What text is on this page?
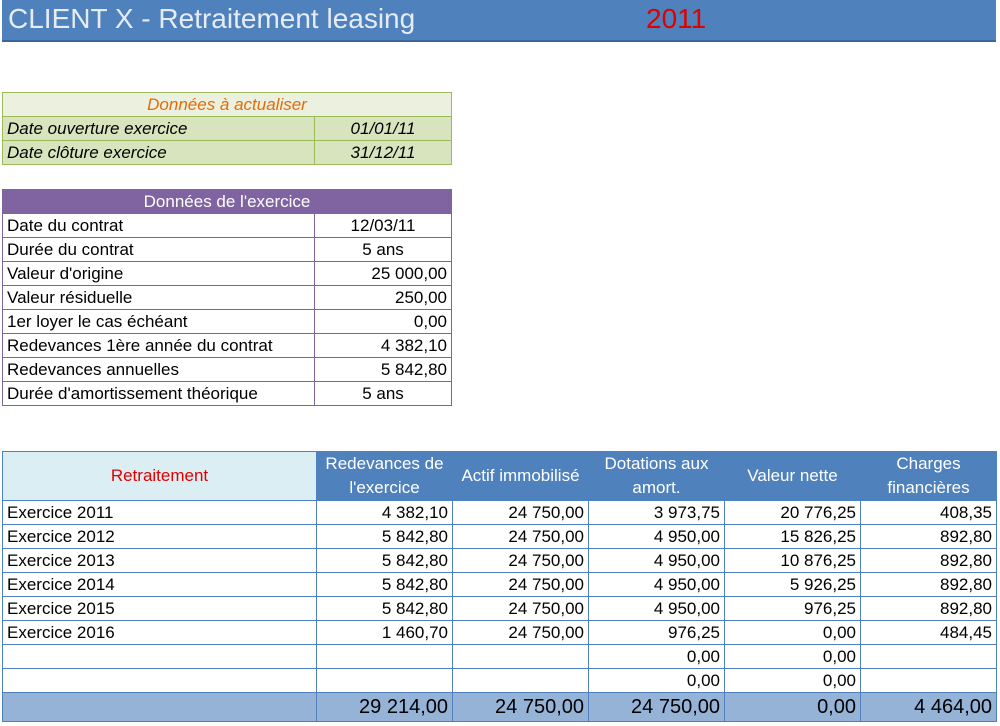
CLIENT X - Retraitement leasing	2011
Données à actualiser	
Date ouverture exercice	01/01/11
Date clôture exercice	31/12/11
Données de l'exercice	
Date du contrat	12/03/11
Durée du contrat	5 ans
Valeur d'origine	25 000,00
Valeur résiduelle	250,00
1er loyer le cas échéant	0,00
Redevances 1ère année du contrat	4 382,10
Redevances annuelles	5 842,80
Durée d'amortissement théorique	5 ans
Retraitement	Redevances de l'exercice	Actif immobilisé	Dotations aux amort.	Valeur nette	Charges financières
Exercice 2011	4 382,10	24 750,00	3 973,75	20 776,25	408,35
Exercice 2012	5 842,80	24 750,00	4 950,00	15 826,25	892,80
Exercice 2013	5 842,80	24 750,00	4 950,00	10 876,25	892,80
Exercice 2014	5 842,80	24 750,00	4 950,00	5 926,25	892,80
Exercice 2015	5 842,80	24 750,00	4 950,00	976,25	892,80
Exercice 2016	1 460,70	24 750,00	976,25	0,00	484,45
			0,00	0,00	
			0,00	0,00	
	29 214,00	24 750,00	24 750,00	0,00	4 464,00
